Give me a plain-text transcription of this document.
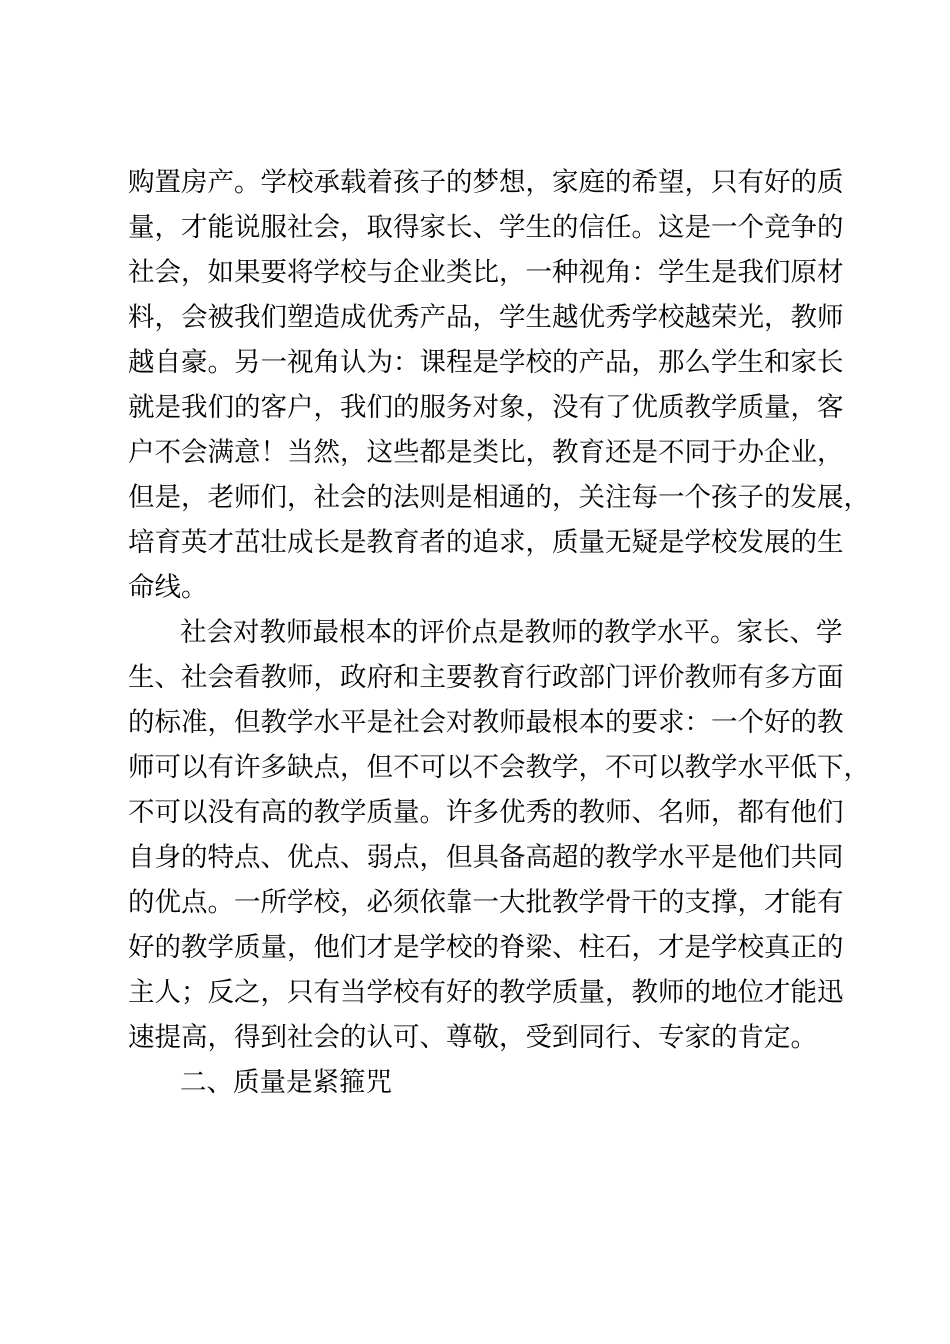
购置房产。学校承载着孩子的梦想，家庭的希望，只有好的质
量，才能说服社会，取得家长、学生的信任。这是一个竞争的
社会，如果要将学校与企业类比，一种视角：学生是我们原材
料，会被我们塑造成优秀产品，学生越优秀学校越荣光，教师
越自豪。另一视角认为：课程是学校的产品，那么学生和家长
就是我们的客户，我们的服务对象，没有了优质教学质量，客
户不会满意！当然，这些都是类比，教育还是不同于办企业，
但是，老师们，社会的法则是相通的，关注每一个孩子的发展，
培育英才茁壮成长是教育者的追求，质量无疑是学校发展的生
命线。
社会对教师最根本的评价点是教师的教学水平。家长、学
生、社会看教师，政府和主要教育行政部门评价教师有多方面
的标准，但教学水平是社会对教师最根本的要求：一个好的教
师可以有许多缺点，但不可以不会教学，不可以教学水平低下，
不可以没有高的教学质量。许多优秀的教师、名师，都有他们
自身的特点、优点、弱点，但具备高超的教学水平是他们共同
的优点。一所学校，必须依靠一大批教学骨干的支撑，才能有
好的教学质量，他们才是学校的脊梁、柱石，才是学校真正的
主人；反之，只有当学校有好的教学质量，教师的地位才能迅
速提高，得到社会的认可、尊敬，受到同行、专家的肯定。
二、质量是紧箍咒
